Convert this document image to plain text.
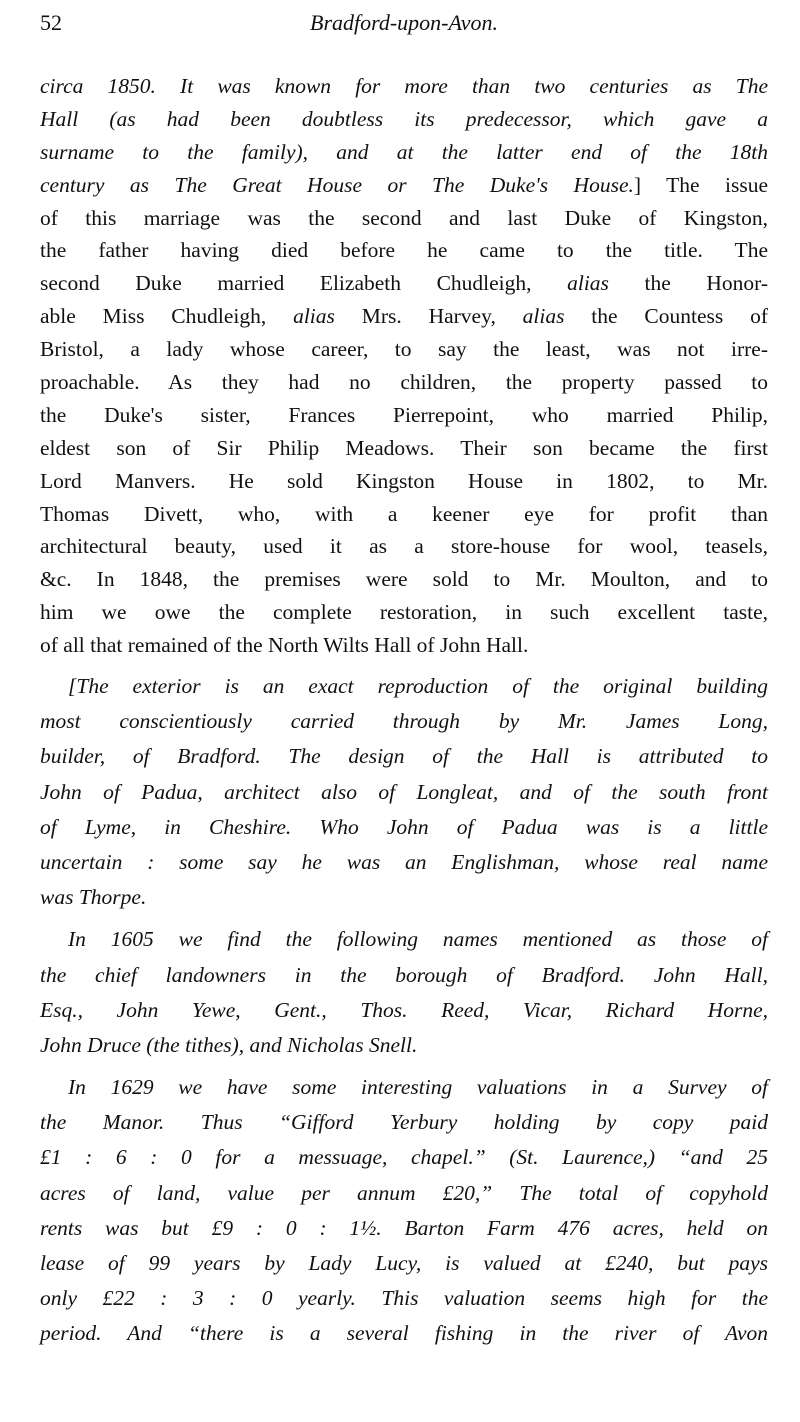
52	Bradford-upon-Avon.
circa 1850. It was known for more than two centuries as The
Hall (as had been doubtless its predecessor, which gave a
surname to the family), and at the latter end of the 18th
century as The Great House or The Duke's House.] The issue
of this marriage was the second and last Duke of Kingston,
the father having died before he came to the title. The
second Duke married Elizabeth Chudleigh, alias the Honor-
able Miss Chudleigh, alias Mrs. Harvey, alias the Countess of
Bristol, a lady whose career, to say the least, was not irre-
proachable. As they had no children, the property passed to
the Duke's sister, Frances Pierrepoint, who married Philip,
eldest son of Sir Philip Meadows. Their son became the first
Lord Manvers. He sold Kingston House in 1802, to Mr.
Thomas Divett, who, with a keener eye for profit than
architectural beauty, used it as a store-house for wool, teasels,
&c. In 1848, the premises were sold to Mr. Moulton, and to
him we owe the complete restoration, in such excellent taste,
of all that remained of the North Wilts Hall of John Hall.
[The exterior is an exact reproduction of the original building
most conscientiously carried through by Mr. James Long,
builder, of Bradford. The design of the Hall is attributed to
John of Padua, architect also of Longleat, and of the south front
of Lyme, in Cheshire. Who John of Padua was is a little
uncertain : some say he was an Englishman, whose real name
was Thorpe.
In 1605 we find the following names mentioned as those of
the chief landowners in the borough of Bradford. John Hall,
Esq., John Yewe, Gent., Thos. Reed, Vicar, Richard Horne,
John Druce (the tithes), and Nicholas Snell.
In 1629 we have some interesting valuations in a Survey of
the Manor. Thus “Gifford Yerbury holding by copy paid
£1 : 6 : 0 for a messuage, chapel.” (St. Laurence,) “and 25
acres of land, value per annum £20,” The total of copyhold
rents was but £9 : 0 : 1½. Barton Farm 476 acres, held on
lease of 99 years by Lady Lucy, is valued at £240, but pays
only £22 : 3 : 0 yearly. This valuation seems high for the
period. And “there is a several fishing in the river of Avon
